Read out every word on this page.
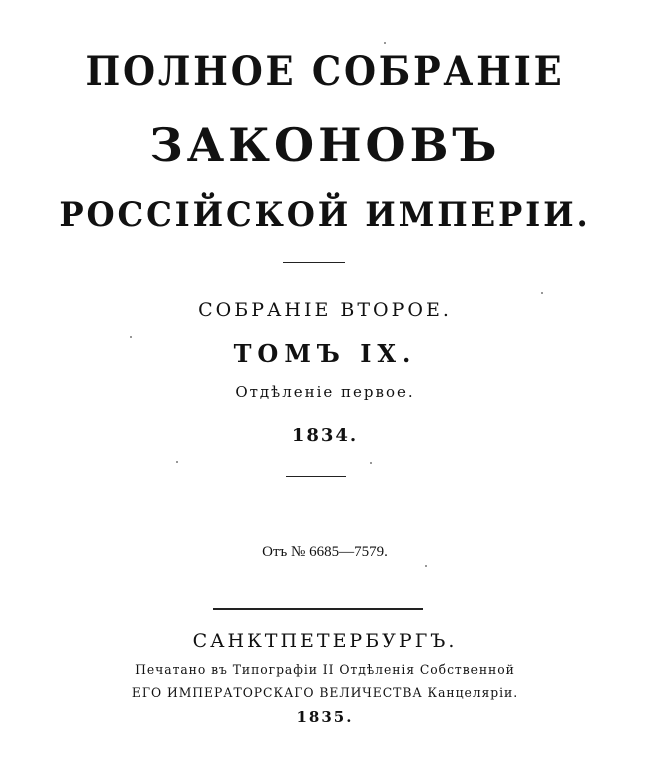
ПОЛНОЕ СОБРАНІЕ
ЗАКОНОВЪ
РОССІЙСКОЙ ИМПЕРІИ.
СОБРАНІЕ ВТОРОЕ.
ТОМЪ IX.
Отдѣленіе первое.
1834.
Отъ № 6685—7579.
САНКТПЕТЕРБУРГЪ.
Печатано въ Типографіи II Отдѣленія Собственной
ЕГО ИМПЕРАТОРСКАГО ВЕЛИЧЕСТВА Канцеляріи.
1835.
